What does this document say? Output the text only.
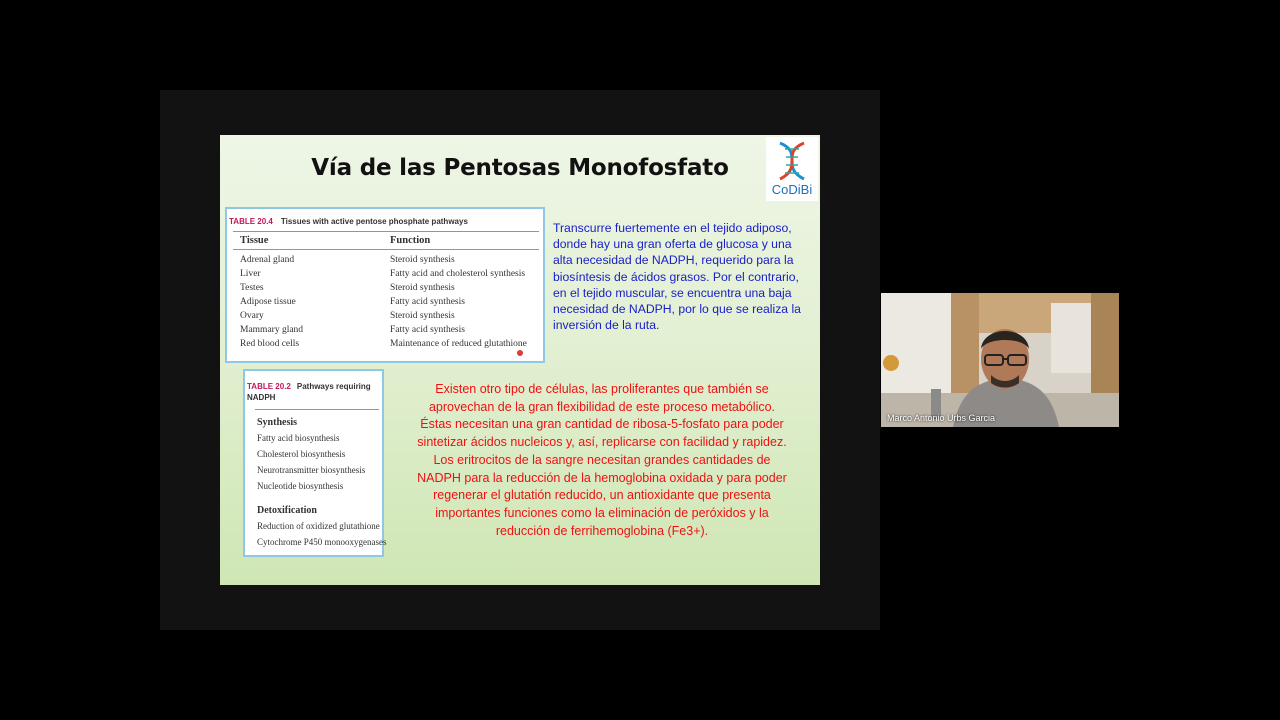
Vía de las Pentosas Monofosfato
CoDiBi
TABLE 20.4 Tissues with active pentose phosphate pathways
Tissue	Function
Adrenal gland	Steroid synthesis
Liver	Fatty acid and cholesterol synthesis
Testes	Steroid synthesis
Adipose tissue	Fatty acid synthesis
Ovary	Steroid synthesis
Mammary gland	Fatty acid synthesis
Red blood cells	Maintenance of reduced glutathione
TABLE 20.2 Pathways requiring NADPH
Synthesis
Fatty acid biosynthesis
Cholesterol biosynthesis
Neurotransmitter biosynthesis
Nucleotide biosynthesis
Detoxification
Reduction of oxidized glutathione
Cytochrome P450 monooxygenases
Transcurre fuertemente en el tejido adiposo,
donde hay una gran oferta de glucosa y una
alta necesidad de NADPH, requerido para la
biosíntesis de ácidos grasos. Por el contrario,
en el tejido muscular, se encuentra una baja
necesidad de NADPH, por lo que se realiza la
inversión de la ruta.
Existen otro tipo de células, las proliferantes que también se
aprovechan de la gran flexibilidad de este proceso metabólico.
Éstas necesitan una gran cantidad de ribosa-5-fosfato para poder
sintetizar ácidos nucleicos y, así, replicarse con facilidad y rapidez.
Los eritrocitos de la sangre necesitan grandes cantidades de
NADPH para la reducción de la hemoglobina oxidada y para poder
regenerar el glutatión reducido, un antioxidante que presenta
importantes funciones como la eliminación de peróxidos y la
reducción de ferrihemoglobina (Fe3+).
Marco Antonio Urbs Garcia
